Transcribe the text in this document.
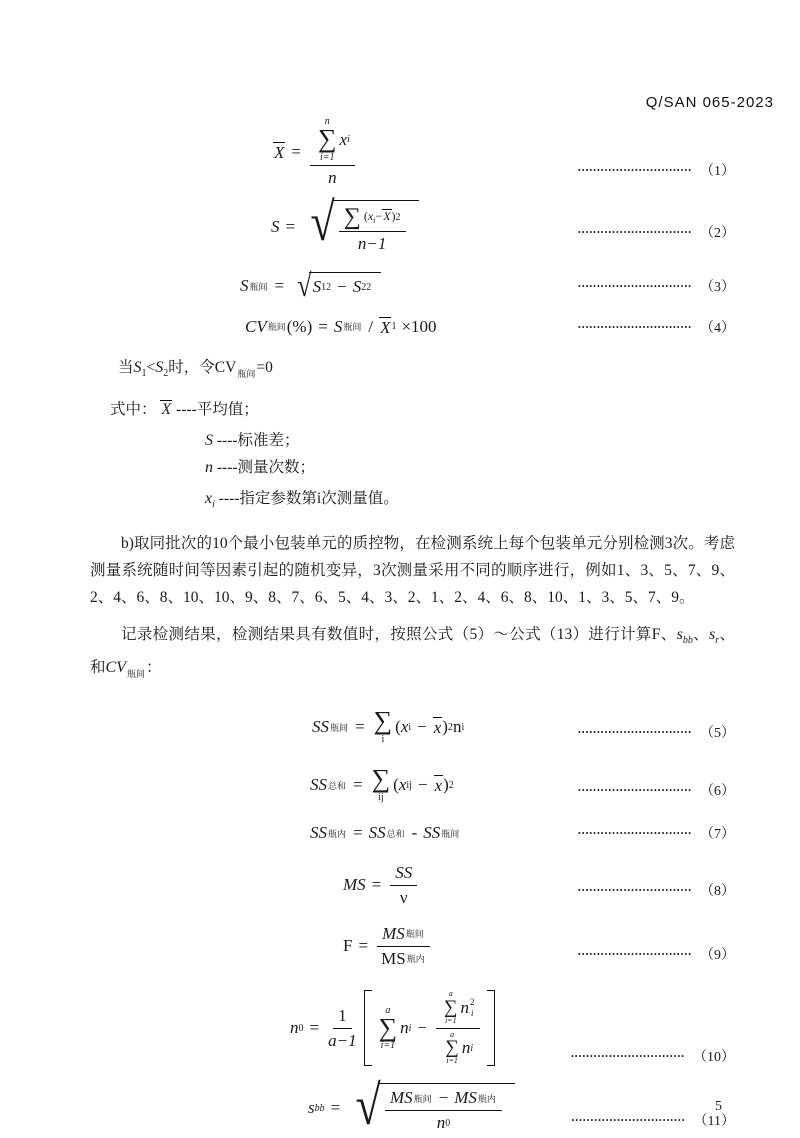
Q/SAN 065-2023
X = n
∑
i=1
x i
n	•••••••••••••••••••••••••••••• （1）
S = √ $\frac{\sum (x_i-X) 2}{n-1}$	•••••••••••••••••••••••••••••• （2）
S 瓶间 = √ S 1 2 − S 2 2	•••••••••••••••••••••••••••••• （3）
CV 瓶间 (%) = S 瓶间 / X 1 ×100	•••••••••••••••••••••••••••••• （4）
当$S_1<S_2$时，令$CV_{瓶间}=0$
式中： X ----平均值；
S ----标准差；
n ----测量次数；
$x_i$ ----指定参数第i次测量值。

b)取同批次的10个最小包装单元的质控物，在检测系统上每个包装单元分别检测3次。考虑测量系统随时间等因素引起的随机变异，3次测量采用不同的顺序进行，例如1、3、5、7、9、2、4、6、8、10、10、9、8、7、6、5、4、3、2、1、2、4、6、8、10、1、3、5、7、9。

记录检测结果，检测结果具有数值时，按照公式（5）～公式（13）进行计算F、$s_{bb}$、$s_r$、和$CV_{瓶间}$：

SS 瓶间 = ∑
i
( x i − x ) 2 n i	•••••••••••••••••••••••••••••• （5）
SS 总和 = ∑
ij
( x ij − x ) 2	•••••••••••••••••••••••••••••• （6）
SS 瓶内 = SS 总和 - SS 瓶间	•••••••••••••••••••••••••••••• （7）
MS = $\frac{SS}{\nu}$	•••••••••••••••••••••••••••••• （8）
$F = \frac{\text{MS 瓶间}}{\text{MS 瓶内}}$	•••••••••••••••••••••••••••••• （9）
n $0 = \frac{1}{a-1}$	a
∑
i=1
n i −
a
∑
i=1
n 2
i
a
∑
i=1
n i
•••••••••••••••••••••••••••••• （10）
s bb = √ $\frac{\text{MS 瓶间 − MS 瓶内}}{n 0}$	•••••••••••••••••••••••••••••• （11）
5
